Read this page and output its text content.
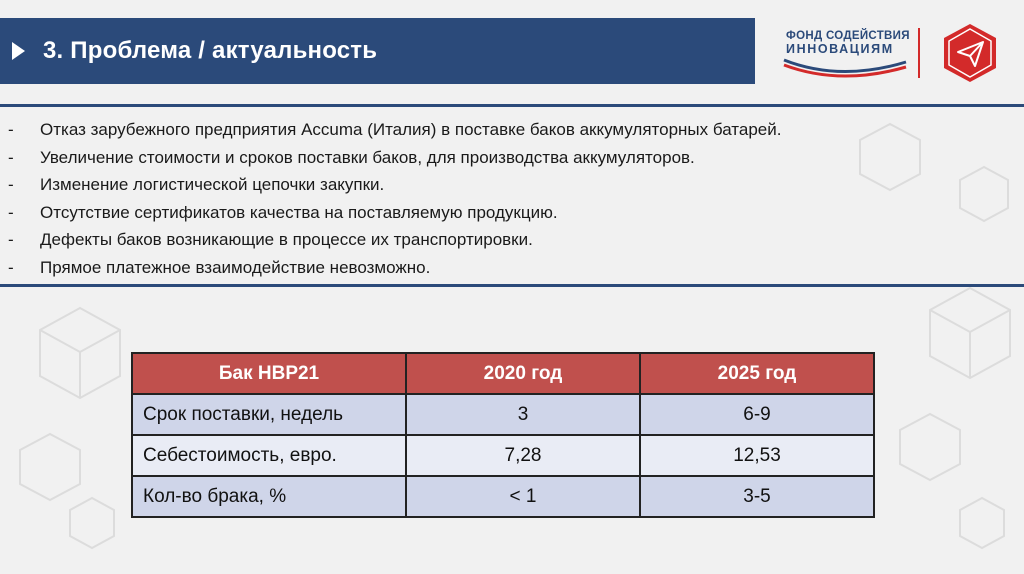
3. Проблема / актуальность
ФОНД СОДЕЙСТВИЯ
ИННОВАЦИЯМ
-	Отказ зарубежного предприятия Accuma (Италия) в поставке баков аккумуляторных батарей.
-	Увеличение стоимости и сроков поставки баков, для производства аккумуляторов.
-	Изменение логистической цепочки закупки.
-	Отсутствие сертификатов качества на поставляемую продукцию.
-	Дефекты баков возникающие в процессе их транспортировки.
-	Прямое платежное взаимодействие невозможно.
Бак НВР21	2020 год	2025 год
Срок поставки, недель	3	6-9
Себестоимость, евро.	7,28	12,53
Кол-во брака, %	< 1	3-5
